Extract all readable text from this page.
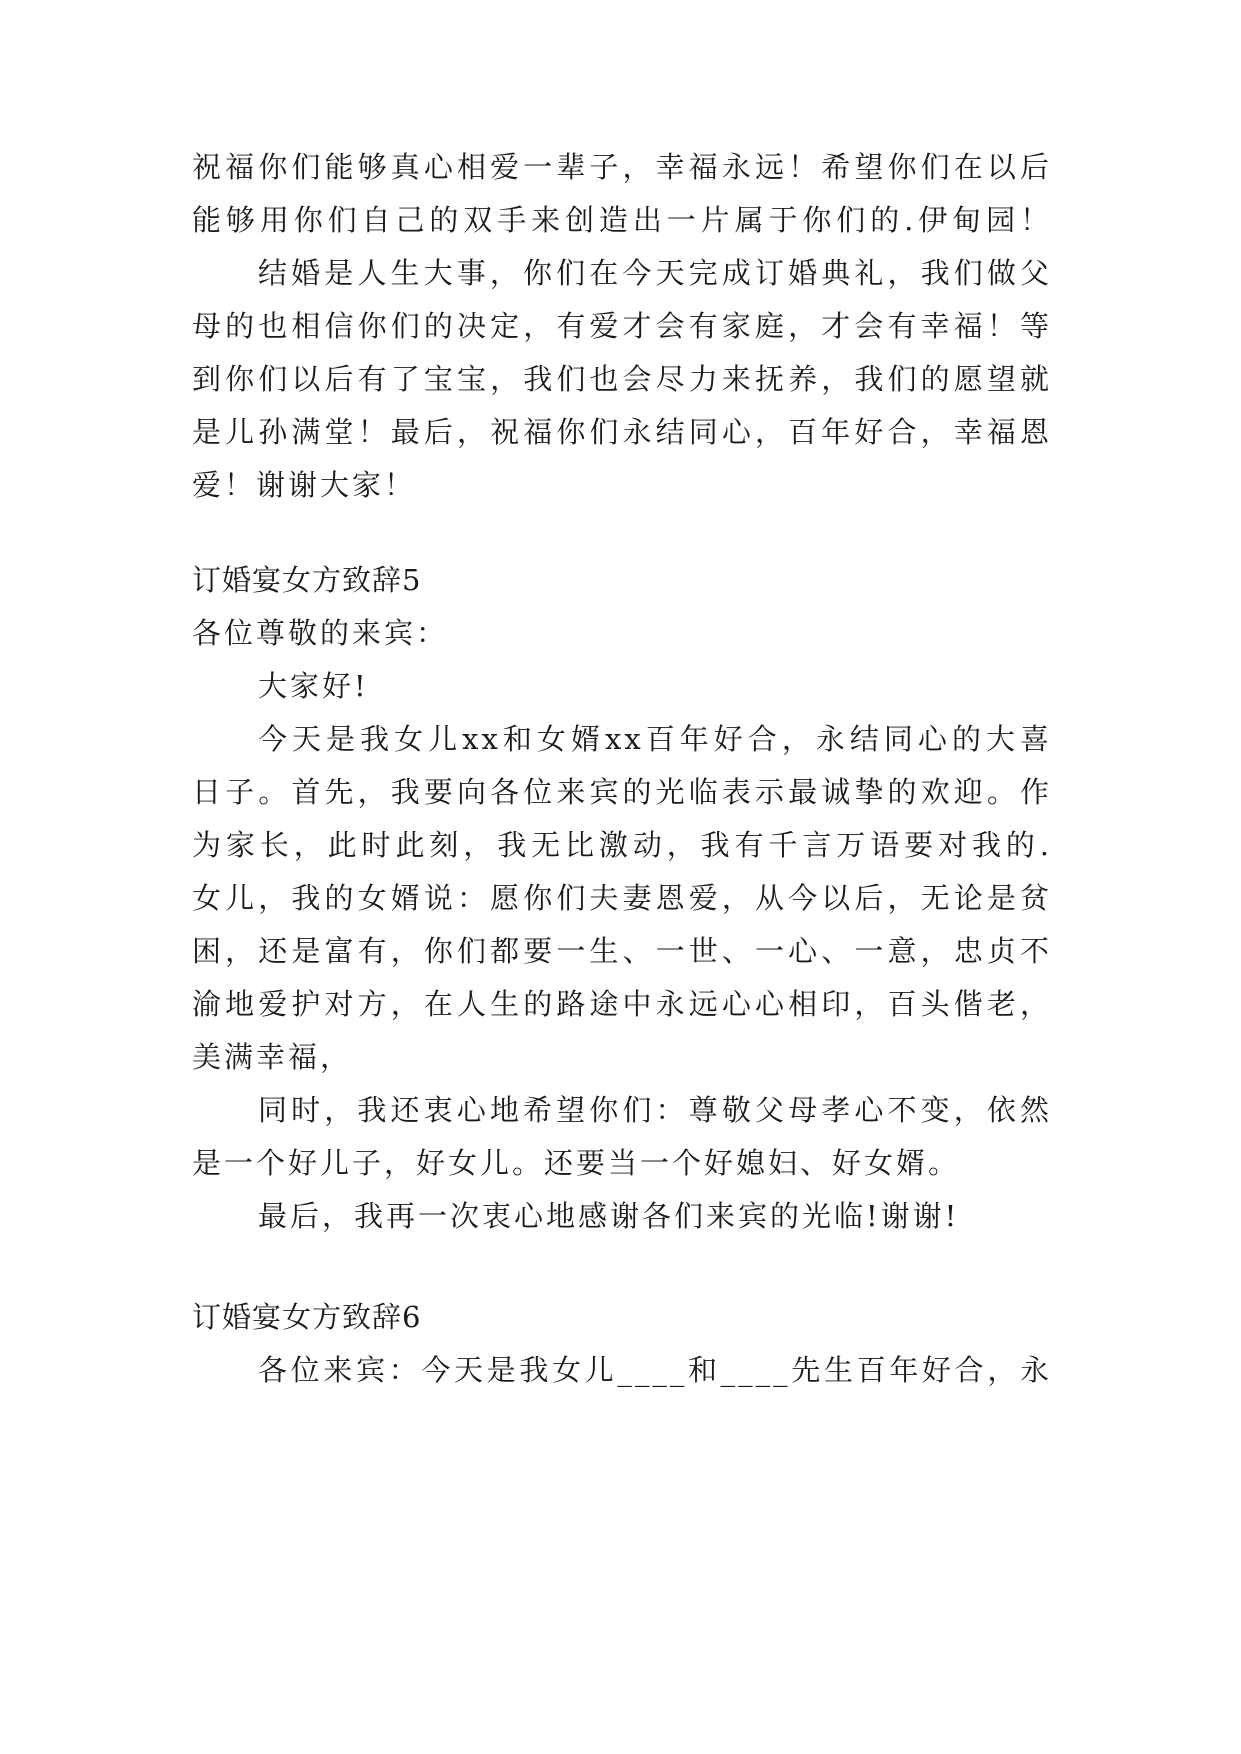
祝福你们能够真心相爱一辈子，幸福永远！希望你们在以后
能够用你们自己的双手来创造出一片属于你们的.伊甸园！
结婚是人生大事，你们在今天完成订婚典礼，我们做父
母的也相信你们的决定，有爱才会有家庭，才会有幸福！等
到你们以后有了宝宝，我们也会尽力来抚养，我们的愿望就
是儿孙满堂！最后，祝福你们永结同心，百年好合，幸福恩
爱！谢谢大家！
订婚宴女方致辞5
各位尊敬的来宾：
大家好!
今天是我女儿xx和女婿xx百年好合，永结同心的大喜
日子。首先，我要向各位来宾的光临表示最诚挚的欢迎。作
为家长，此时此刻，我无比激动，我有千言万语要对我的.
女儿，我的女婿说：愿你们夫妻恩爱，从今以后，无论是贫
困，还是富有，你们都要一生、一世、一心、一意，忠贞不
渝地爱护对方，在人生的路途中永远心心相印，百头偕老，
美满幸福，
同时，我还衷心地希望你们：尊敬父母孝心不变，依然
是一个好儿子，好女儿。还要当一个好媳妇、好女婿。
最后，我再一次衷心地感谢各们来宾的光临!谢谢!
订婚宴女方致辞6
各位来宾：今天是我女儿____和____先生百年好合，永
